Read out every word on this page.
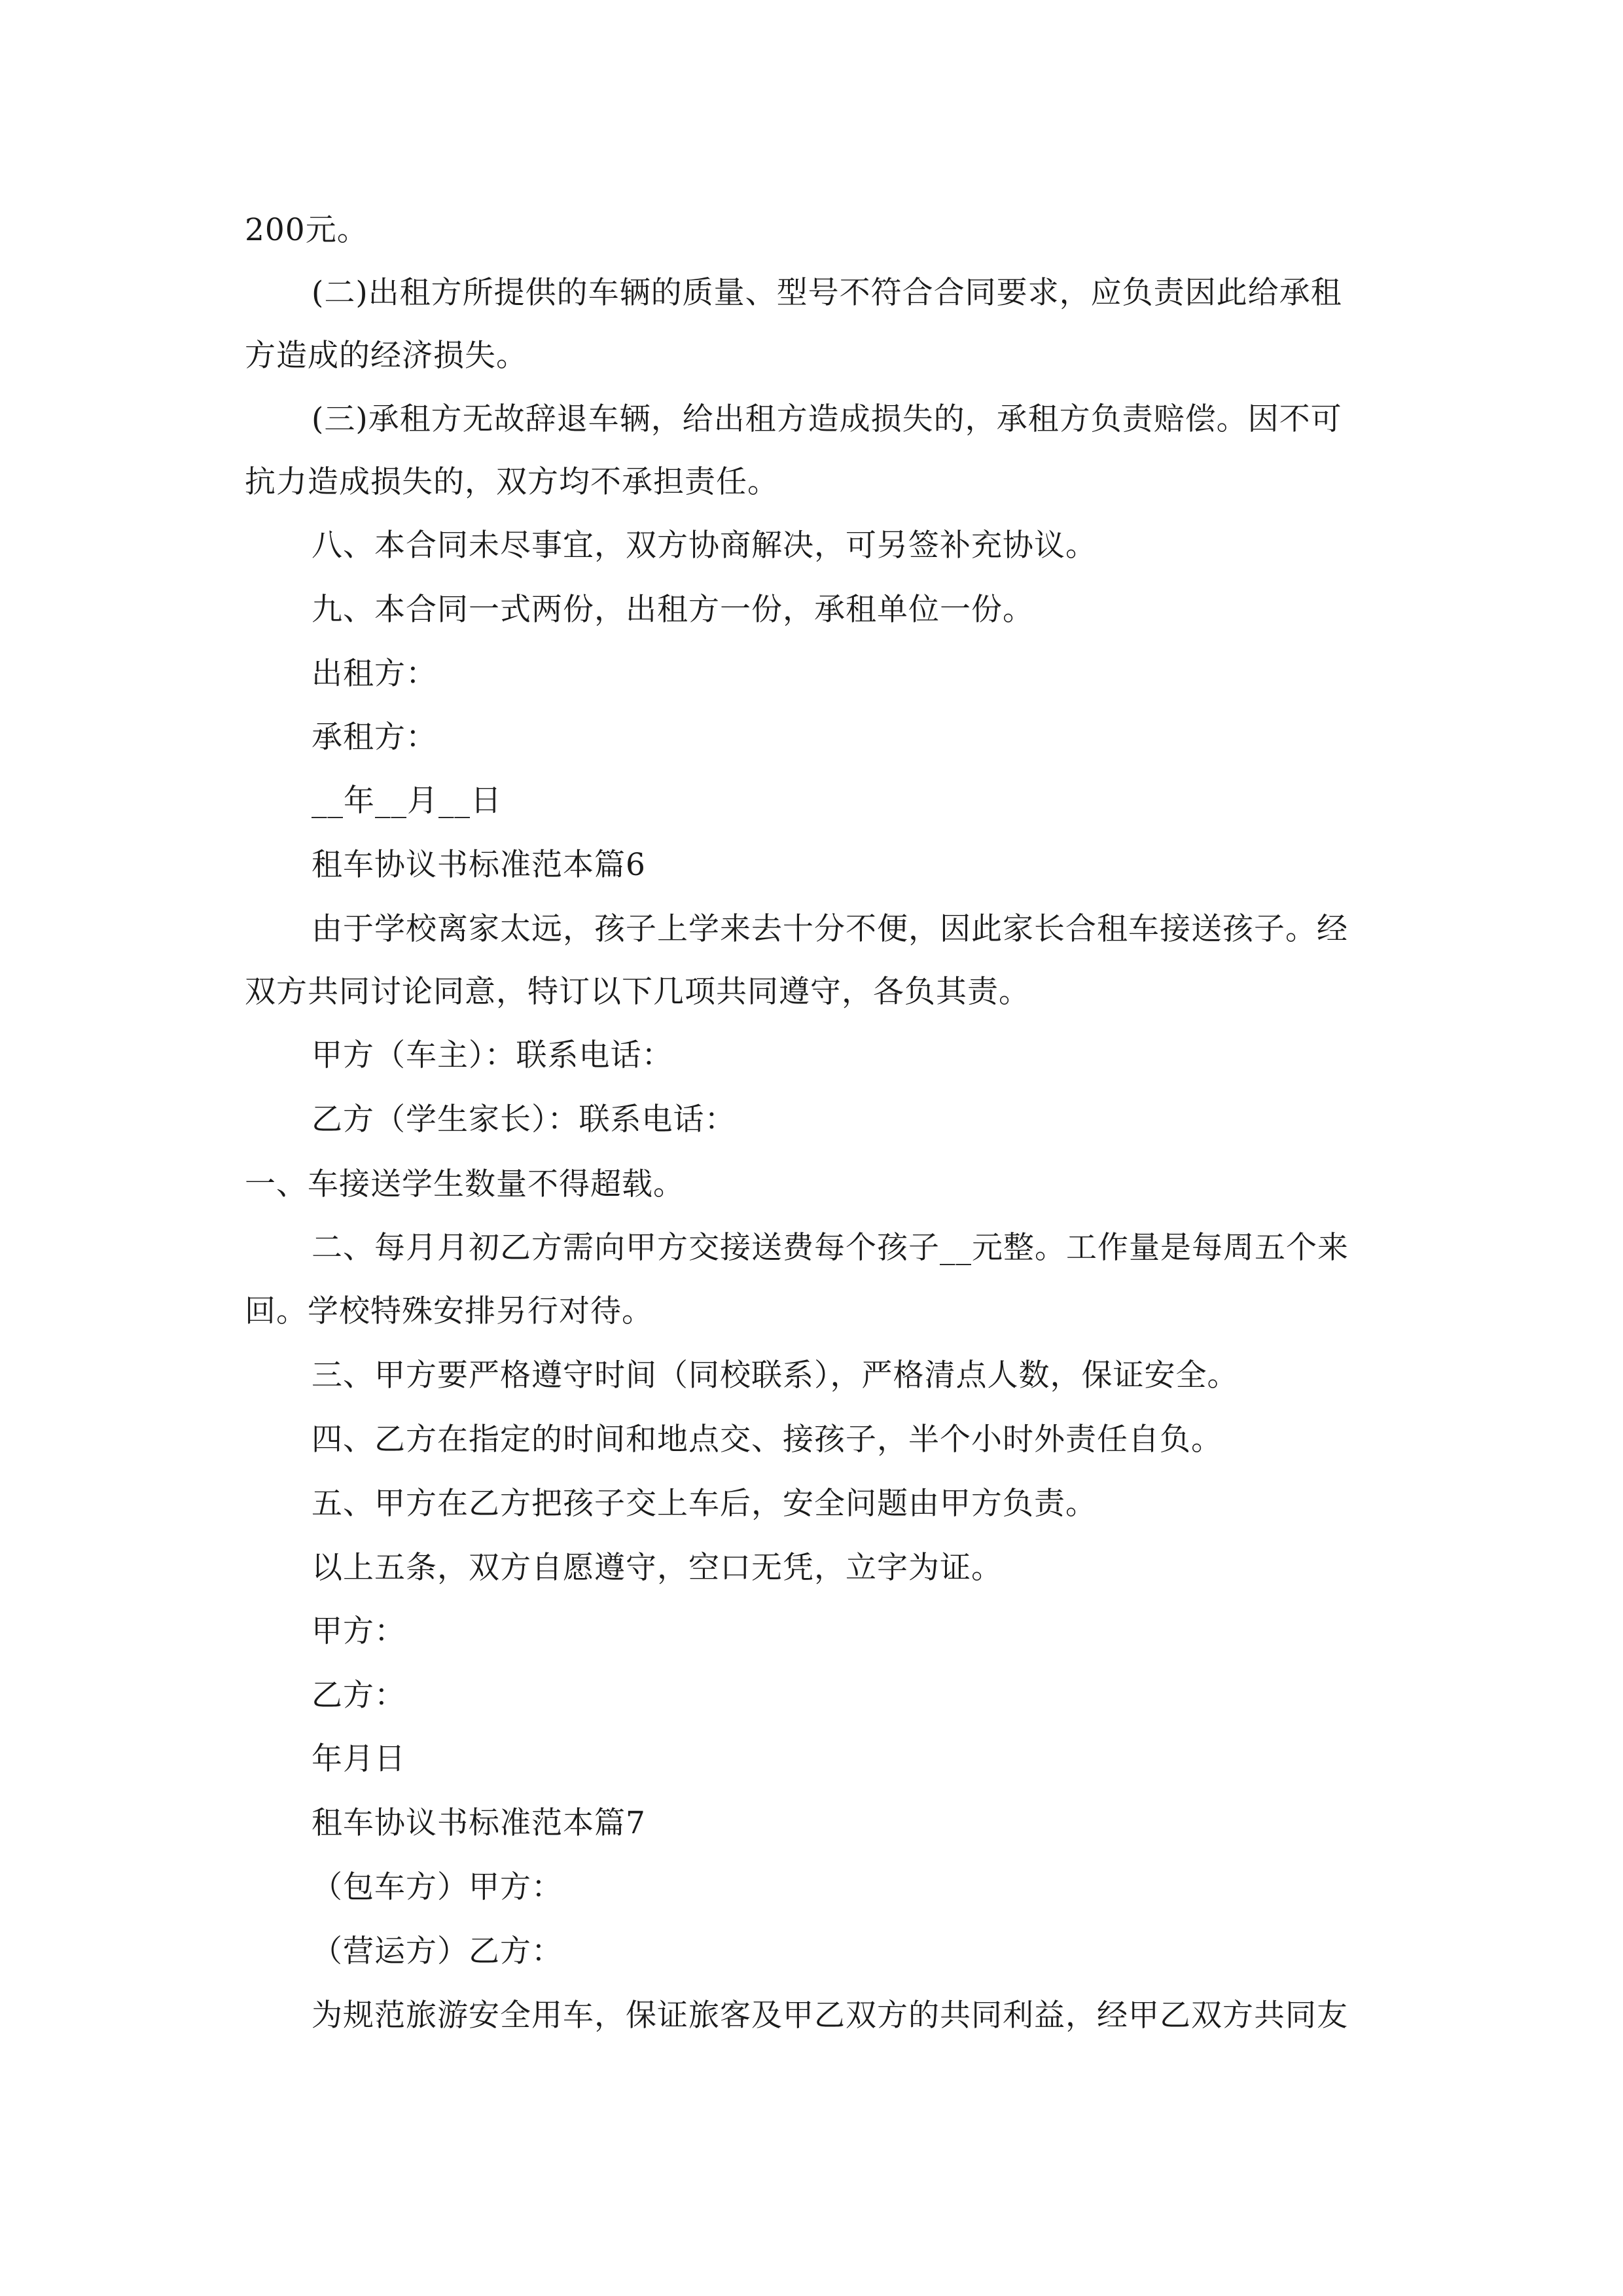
200元。
(二)出租方所提供的车辆的质量、型号不符合合同要求，应负责因此给承租
方造成的经济损失。
(三)承租方无故辞退车辆，给出租方造成损失的，承租方负责赔偿。因不可
抗力造成损失的，双方均不承担责任。
八、本合同未尽事宜，双方协商解决，可另签补充协议。
九、本合同一式两份，出租方一份，承租单位一份。
出租方：
承租方：
__年__月__日
租车协议书标准范本篇6
由于学校离家太远，孩子上学来去十分不便，因此家长合租车接送孩子。经
双方共同讨论同意，特订以下几项共同遵守，各负其责。
甲方（车主）：联系电话：
乙方（学生家长）：联系电话：
一、车接送学生数量不得超载。
二、每月月初乙方需向甲方交接送费每个孩子__元整。工作量是每周五个来
回。学校特殊安排另行对待。
三、甲方要严格遵守时间（同校联系），严格清点人数，保证安全。
四、乙方在指定的时间和地点交、接孩子，半个小时外责任自负。
五、甲方在乙方把孩子交上车后，安全问题由甲方负责。
以上五条，双方自愿遵守，空口无凭，立字为证。
甲方：
乙方：
年月日
租车协议书标准范本篇7
（包车方）甲方：
（营运方）乙方：
为规范旅游安全用车，保证旅客及甲乙双方的共同利益，经甲乙双方共同友
